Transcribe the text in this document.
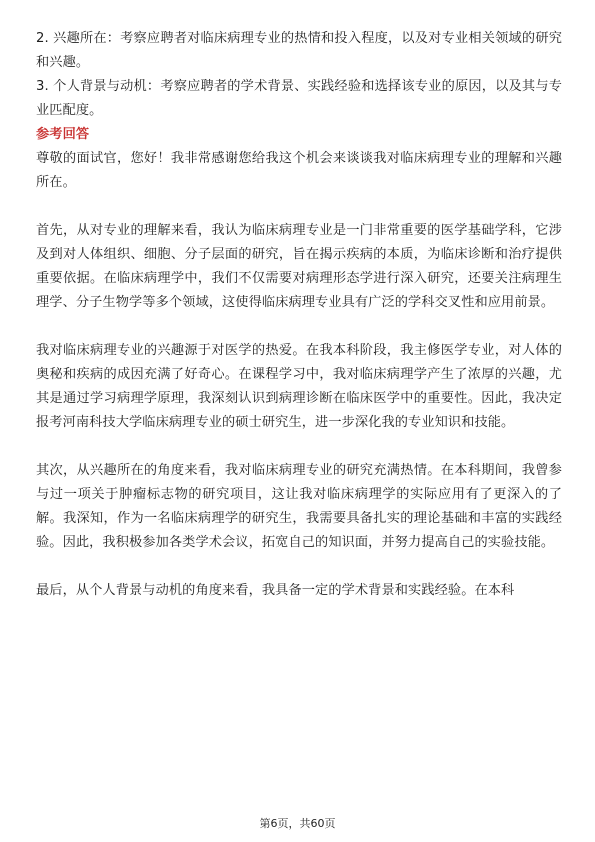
2. 兴趣所在：考察应聘者对临床病理专业的热情和投入程度，以及对专业相关领域的研究和兴趣。

3. 个人背景与动机：考察应聘者的学术背景、实践经验和选择该专业的原因，以及其与专业匹配度。

参考回答

尊敬的面试官，您好！我非常感谢您给我这个机会来谈谈我对临床病理专业的理解和兴趣所在。

首先，从对专业的理解来看，我认为临床病理专业是一门非常重要的医学基础学科，它涉及到对人体组织、细胞、分子层面的研究，旨在揭示疾病的本质，为临床诊断和治疗提供重要依据。在临床病理学中，我们不仅需要对病理形态学进行深入研究，还要关注病理生理学、分子生物学等多个领域，这使得临床病理专业具有广泛的学科交叉性和应用前景。

我对临床病理专业的兴趣源于对医学的热爱。在我本科阶段，我主修医学专业，对人体的奥秘和疾病的成因充满了好奇心。在课程学习中，我对临床病理学产生了浓厚的兴趣，尤其是通过学习病理学原理，我深刻认识到病理诊断在临床医学中的重要性。因此，我决定报考河南科技大学临床病理专业的硕士研究生，进一步深化我的专业知识和技能。

其次，从兴趣所在的角度来看，我对临床病理专业的研究充满热情。在本科期间，我曾参与过一项关于肿瘤标志物的研究项目，这让我对临床病理学的实际应用有了更深入的了解。我深知，作为一名临床病理学的研究生，我需要具备扎实的理论基础和丰富的实践经验。因此，我积极参加各类学术会议，拓宽自己的知识面，并努力提高自己的实验技能。

最后，从个人背景与动机的角度来看，我具备一定的学术背景和实践经验。在本科

第6页，共60页
